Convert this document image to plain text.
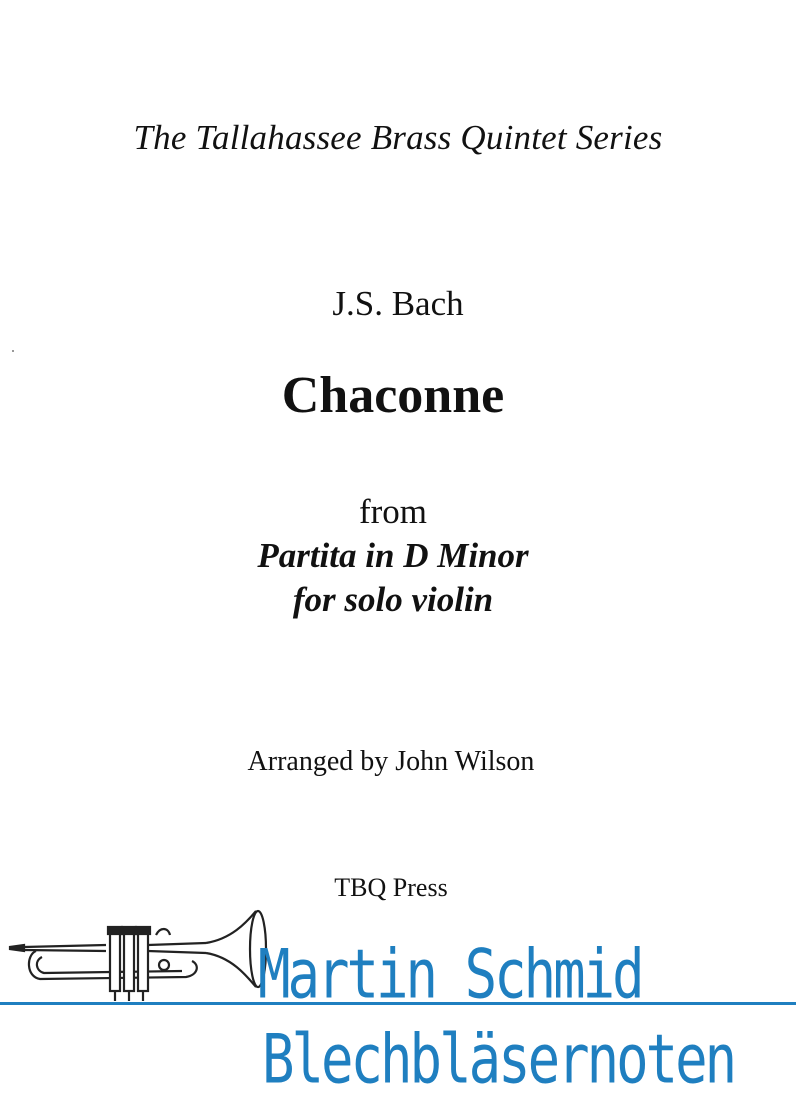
The Tallahassee Brass Quintet Series
J.S. Bach
Chaconne
from
Partita in D Minor
for solo violin
Arranged by John Wilson
TBQ Press
Martin Schmid
Blechbläsernoten
